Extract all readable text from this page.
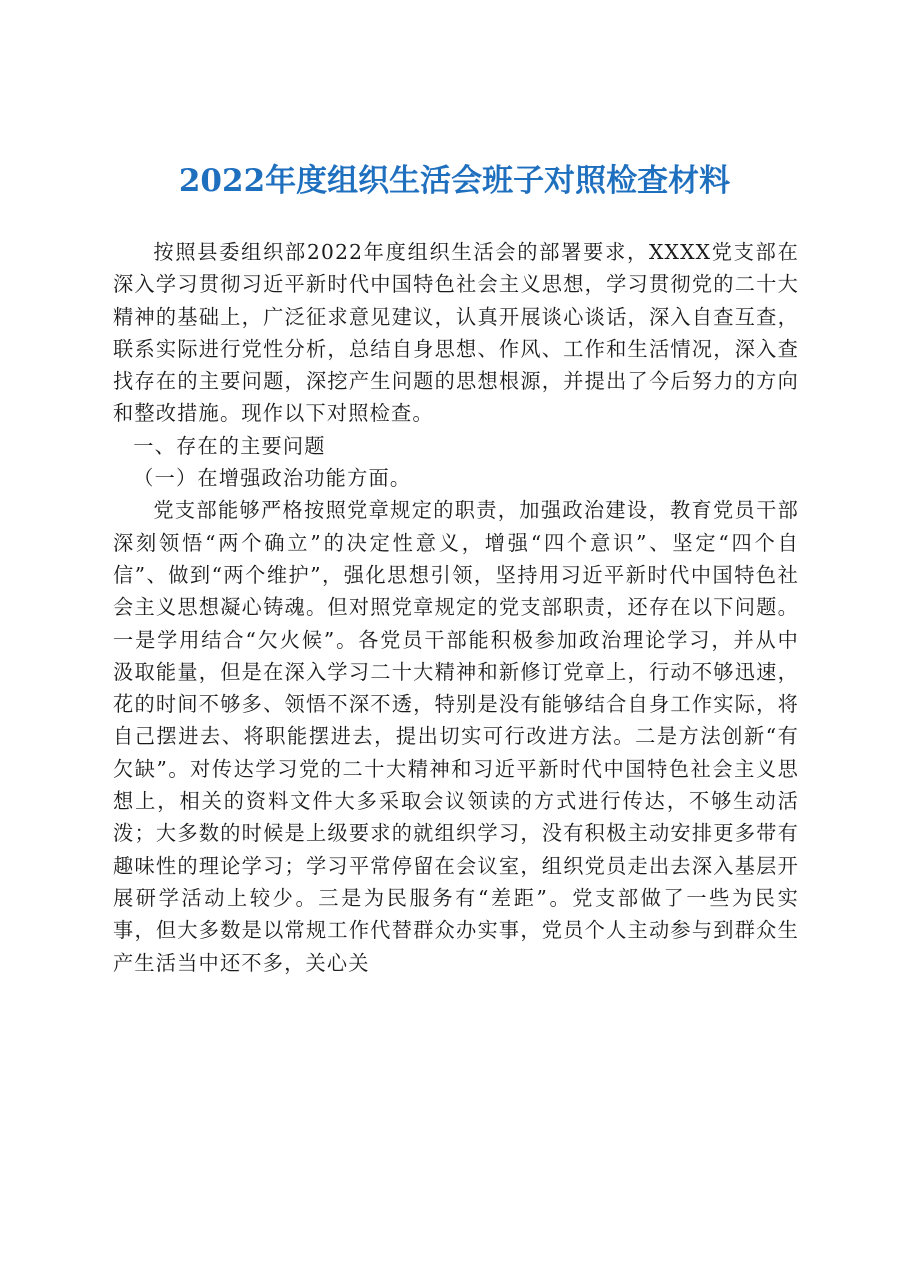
2022年度组织生活会班子对照检查材料

按照县委组织部2022年度组织生活会的部署要求，XXXX党支部在深入学习贯彻习近平新时代中国特色社会主义思想，学习贯彻党的二十大精神的基础上，广泛征求意见建议，认真开展谈心谈话，深入自查互查，联系实际进行党性分析，总结自身思想、作风、工作和生活情况，深入查找存在的主要问题，深挖产生问题的思想根源，并提出了今后努力的方向和整改措施。现作以下对照检查。

一、存在的主要问题

（一）在增强政治功能方面。

党支部能够严格按照党章规定的职责，加强政治建设，教育党员干部深刻领悟“两个确立”的决定性意义，增强“四个意识”、坚定“四个自信”、做到“两个维护”，强化思想引领，坚持用习近平新时代中国特色社会主义思想凝心铸魂。但对照党章规定的党支部职责，还存在以下问题。一是学用结合“欠火候”。各党员干部能积极参加政治理论学习，并从中汲取能量，但是在深入学习二十大精神和新修订党章上，行动不够迅速，花的时间不够多、领悟不深不透，特别是没有能够结合自身工作实际，将自己摆进去、将职能摆进去，提出切实可行改进方法。二是方法创新“有欠缺”。对传达学习党的二十大精神和习近平新时代中国特色社会主义思想上，相关的资料文件大多采取会议领读的方式进行传达，不够生动活泼；大多数的时候是上级要求的就组织学习，没有积极主动安排更多带有趣味性的理论学习；学习平常停留在会议室，组织党员走出去深入基层开展研学活动上较少。三是为民服务有“差距”。党支部做了一些为民实事，但大多数是以常规工作代替群众办实事，党员个人主动参与到群众生产生活当中还不多，关心关
